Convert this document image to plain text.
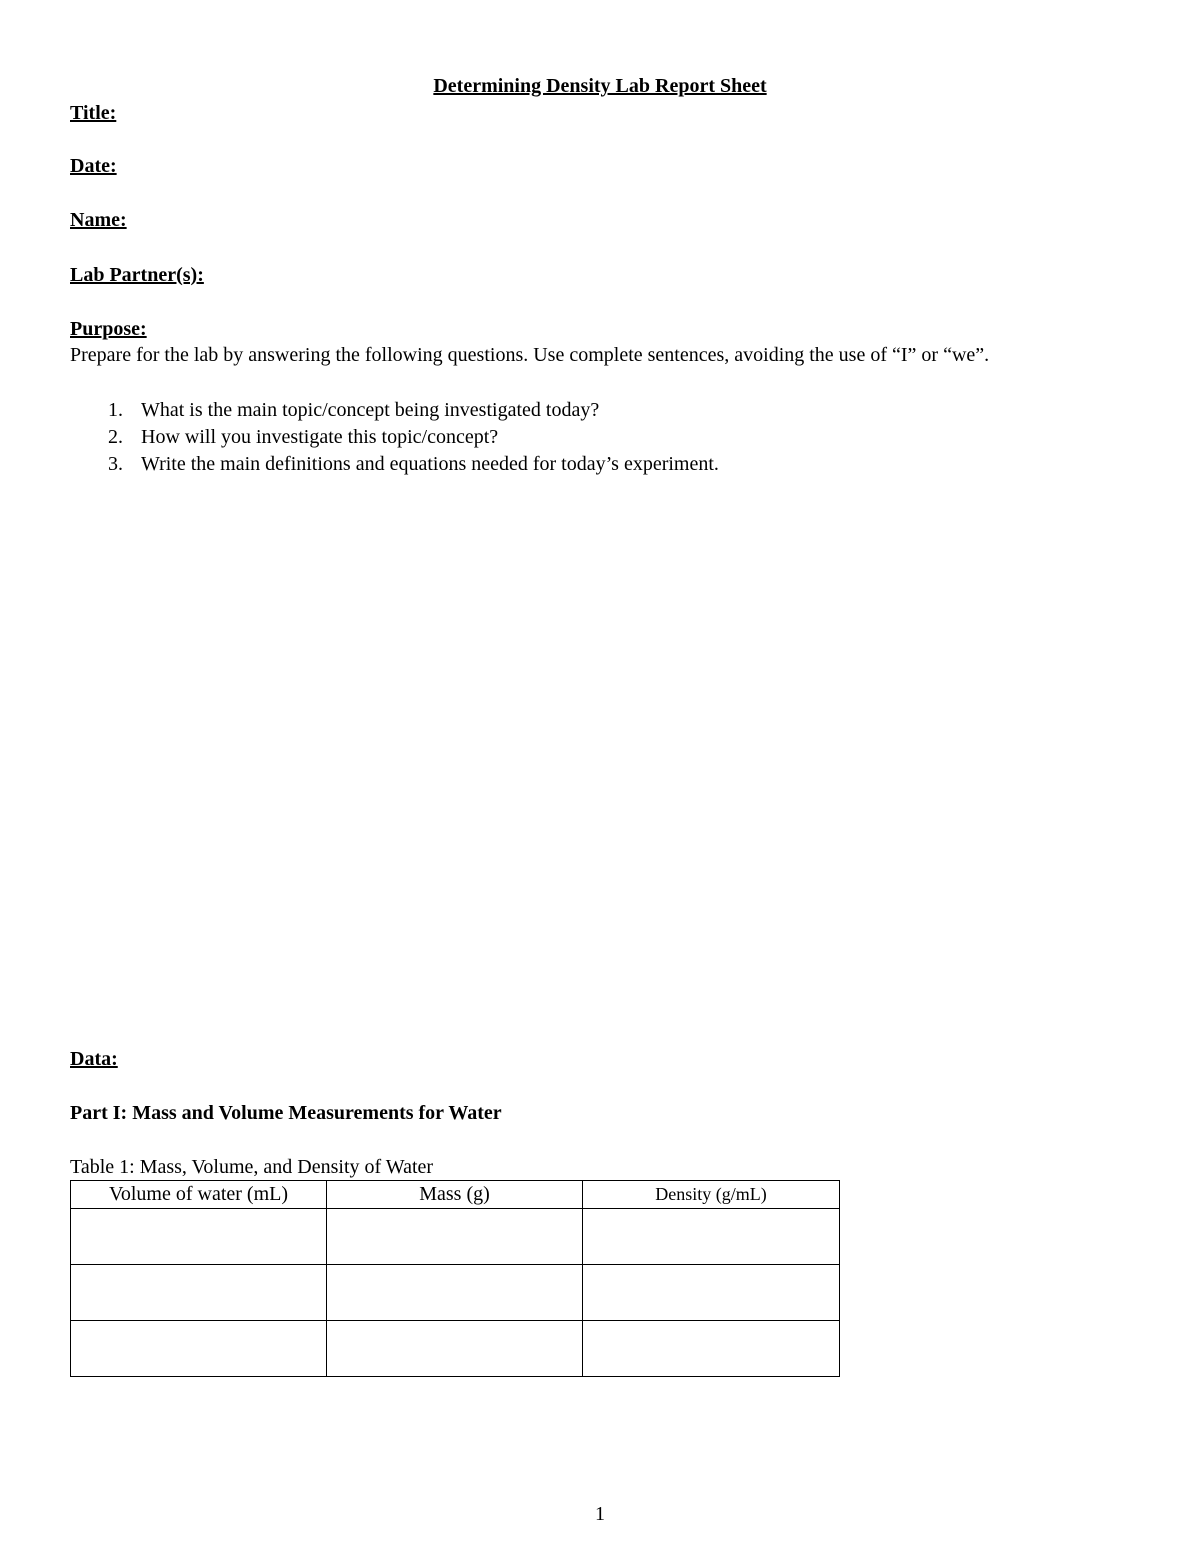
Determining Density Lab Report Sheet
Title:
Date:
Name:
Lab Partner(s):
Purpose:
Prepare for the lab by answering the following questions. Use complete sentences, avoiding the use of “I” or “we”.
1. What is the main topic/concept being investigated today?
2. How will you investigate this topic/concept?
3. Write the main definitions and equations needed for today’s experiment.
Data:
Part I: Mass and Volume Measurements for Water
Table 1: Mass, Volume, and Density of Water
Volume of water (mL)	Mass (g)	Density (g/mL)

1
